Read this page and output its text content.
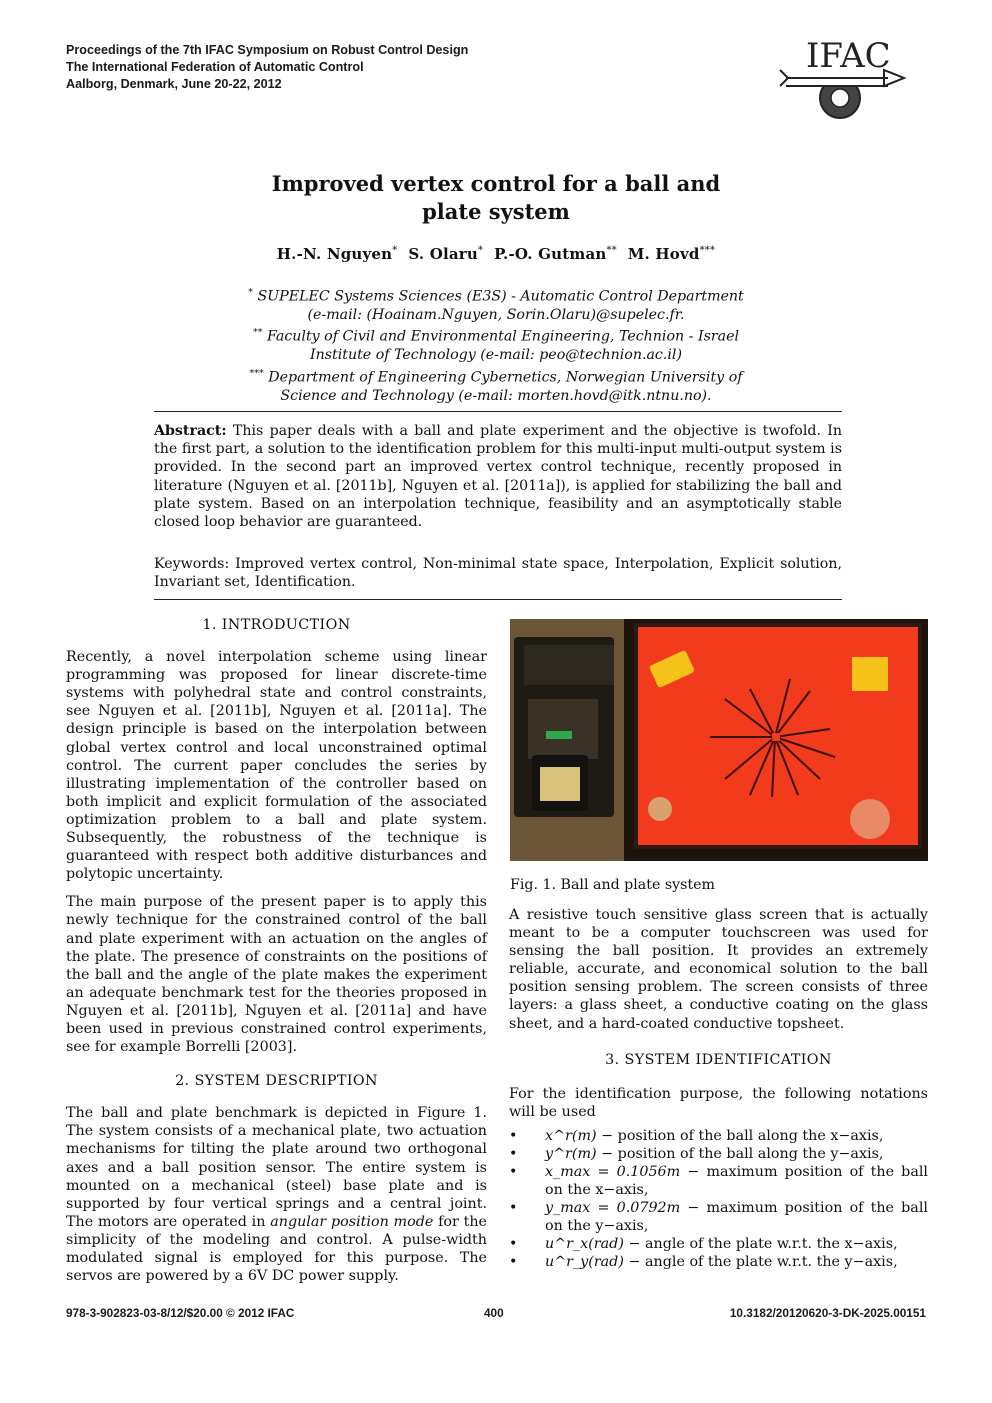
Proceedings of the 7th IFAC Symposium on Robust Control Design
The International Federation of Automatic Control
Aalborg, Denmark, June 20-22, 2012
IFAC
Improved vertex control for a ball and
plate system
H.-N. Nguyen* S. Olaru* P.-O. Gutman** M. Hovd***
* SUPELEC Systems Sciences (E3S) - Automatic Control Department
(e-mail: (Hoainam.Nguyen, Sorin.Olaru)@supelec.fr.
** Faculty of Civil and Environmental Engineering, Technion - Israel
Institute of Technology (e-mail: peo@technion.ac.il)
*** Department of Engineering Cybernetics, Norwegian University of
Science and Technology (e-mail: morten.hovd@itk.ntnu.no).
Abstract: This paper deals with a ball and plate experiment and the objective is twofold. In the first part, a solution to the identification problem for this multi-input multi-output system is provided. In the second part an improved vertex control technique, recently proposed in literature (Nguyen et al. [2011b], Nguyen et al. [2011a]), is applied for stabilizing the ball and plate system. Based on an interpolation technique, feasibility and an asymptotically stable closed loop behavior are guaranteed.
Keywords: Improved vertex control, Non-minimal state space, Interpolation, Explicit solution, Invariant set, Identification.
1. INTRODUCTION

Recently, a novel interpolation scheme using linear programming was proposed for linear discrete-time systems with polyhedral state and control constraints, see Nguyen et al. [2011b], Nguyen et al. [2011a]. The design principle is based on the interpolation between global vertex control and local unconstrained optimal control. The current paper concludes the series by illustrating implementation of the controller based on both implicit and explicit formulation of the associated optimization problem to a ball and plate system. Subsequently, the robustness of the technique is guaranteed with respect both additive disturbances and polytopic uncertainty.

The main purpose of the present paper is to apply this newly technique for the constrained control of the ball and plate experiment with an actuation on the angles of the plate. The presence of constraints on the positions of the ball and the angle of the plate makes the experiment an adequate benchmark test for the theories proposed in Nguyen et al. [2011b], Nguyen et al. [2011a] and have been used in previous constrained control experiments, see for example Borrelli [2003].

2. SYSTEM DESCRIPTION

The ball and plate benchmark is depicted in Figure 1. The system consists of a mechanical plate, two actuation mechanisms for tilting the plate around two orthogonal axes and a ball position sensor. The entire system is mounted on a mechanical (steel) base plate and is supported by four vertical springs and a central joint. The motors are operated in angular position mode for the simplicity of the modeling and control. A pulse-width modulated signal is employed for this purpose. The servos are powered by a 6V DC power supply.

Fig. 1. Ball and plate system

A resistive touch sensitive glass screen that is actually meant to be a computer touchscreen was used for sensing the ball position. It provides an extremely reliable, accurate, and economical solution to the ball position sensing problem. The screen consists of three layers: a glass sheet, a conductive coating on the glass sheet, and a hard-coated conductive topsheet.

3. SYSTEM IDENTIFICATION

For the identification purpose, the following notations will be used

• x^r(m) − position of the ball along the x−axis,
• y^r(m) − position of the ball along the y−axis,
• x_max = 0.1056m − maximum position of the ball on the x−axis,
• y_max = 0.0792m − maximum position of the ball on the y−axis,
• u^r_x(rad) − angle of the plate w.r.t. the x−axis,
• u^r_y(rad) − angle of the plate w.r.t. the y−axis,
978-3-902823-03-8/12/$20.00 © 2012 IFAC	400	10.3182/20120620-3-DK-2025.00151
